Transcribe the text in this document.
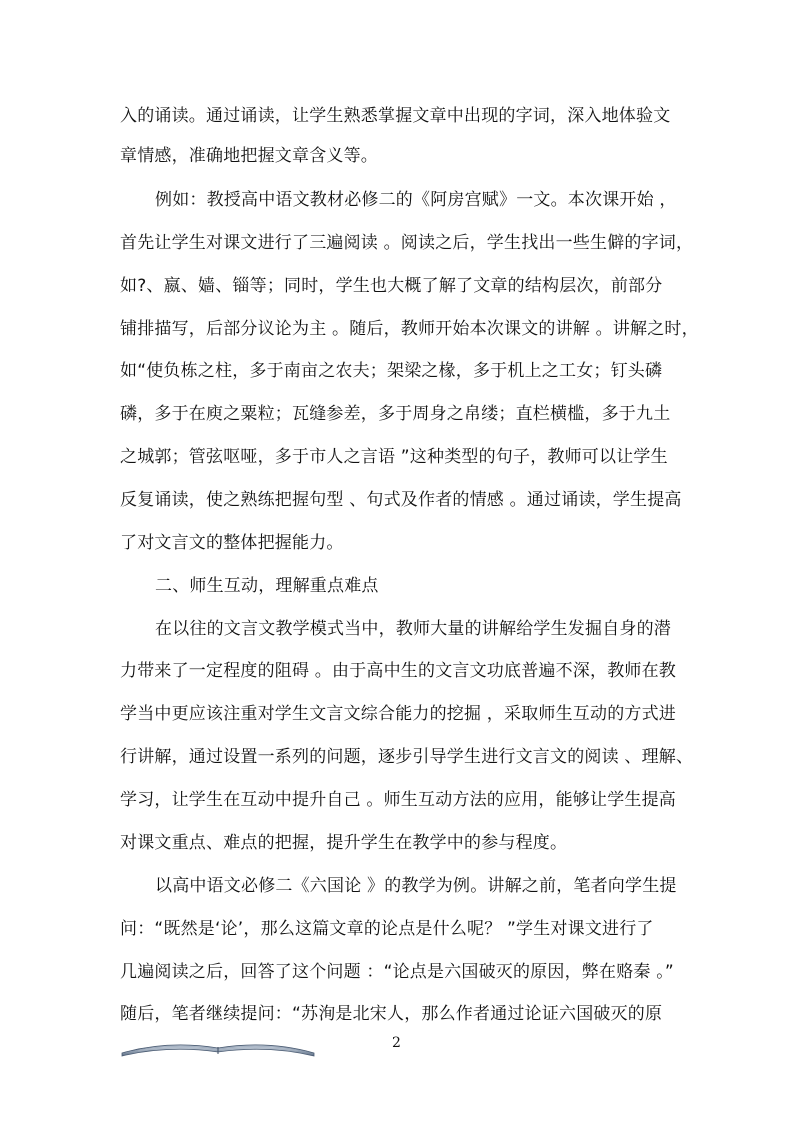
入的诵读。通过诵读，让学生熟悉掌握文章中出现的字词，深入地体验文
章情感，准确地把握文章含义等。
例如：教授高中语文教材必修二的《阿房宫赋》一文。本次课开始 ，
首先让学生对课文进行了三遍阅读 。阅读之后，学生找出一些生僻的字词，
如?、嬴、嫱、锱等；同时，学生也大概了解了文章的结构层次，前部分
铺排描写，后部分议论为主 。随后，教师开始本次课文的讲解 。讲解之时，
如“使负栋之柱，多于南亩之农夫；架梁之椽，多于机上之工女；钉头磷
磷，多于在庾之粟粒；瓦缝参差，多于周身之帛缕；直栏横槛，多于九土
之城郭；管弦呕哑，多于市人之言语 ”这种类型的句子，教师可以让学生
反复诵读，使之熟练把握句型 、句式及作者的情感 。通过诵读，学生提高
了对文言文的整体把握能力。
二、师生互动，理解重点难点
在以往的文言文教学模式当中，教师大量的讲解给学生发掘自身的潜
力带来了一定程度的阻碍 。由于高中生的文言文功底普遍不深，教师在教
学当中更应该注重对学生文言文综合能力的挖掘 ，采取师生互动的方式进
行讲解，通过设置一系列的问题，逐步引导学生进行文言文的阅读 、理解、
学习，让学生在互动中提升自己 。师生互动方法的应用，能够让学生提高
对课文重点、难点的把握，提升学生在教学中的参与程度。
以高中语文必修二《六国论 》的教学为例。讲解之前，笔者向学生提
问：“既然是‘论’，那么这篇文章的论点是什么呢？ ”学生对课文进行了
几遍阅读之后，回答了这个问题 ：“论点是六国破灭的原因，弊在赂秦 。”
随后，笔者继续提问：“苏洵是北宋人，那么作者通过论证六国破灭的原
2
